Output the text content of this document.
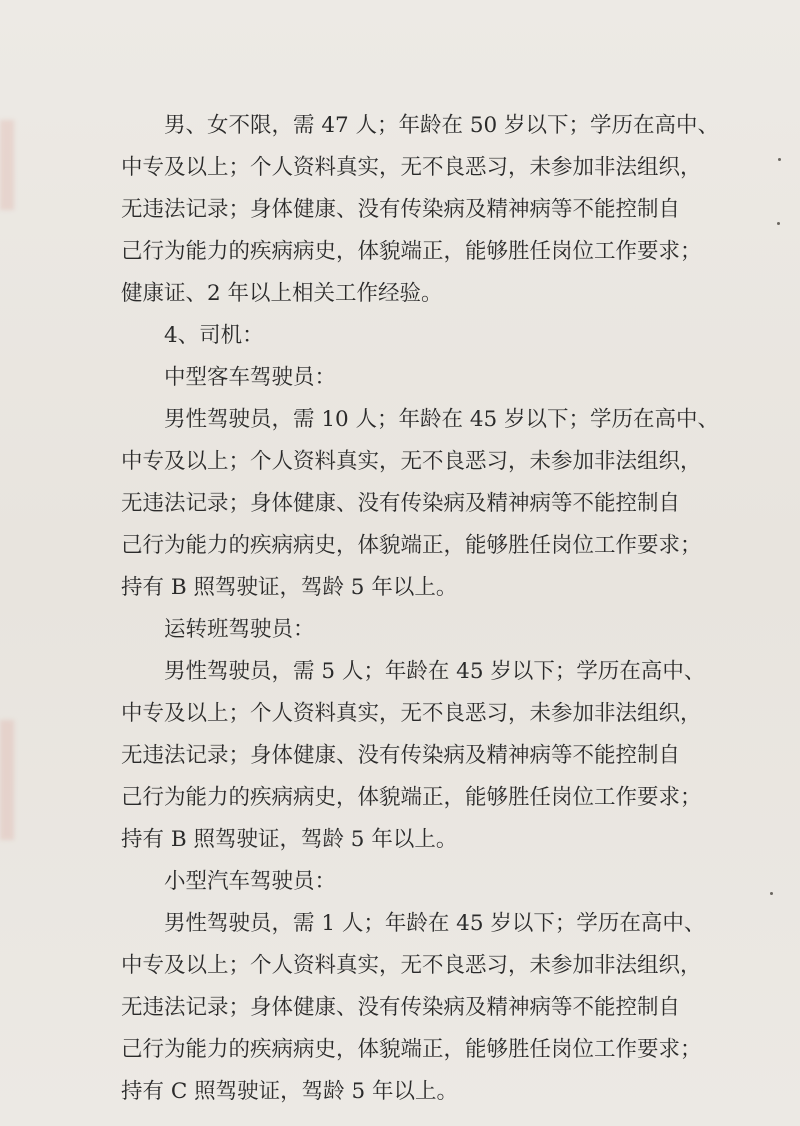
男、女不限，需 47 人；年龄在 50 岁以下；学历在高中、
中专及以上；个人资料真实，无不良恶习，未参加非法组织，
无违法记录；身体健康、没有传染病及精神病等不能控制自
己行为能力的疾病病史，体貌端正，能够胜任岗位工作要求；
健康证、2 年以上相关工作经验。
4、司机：
中型客车驾驶员：
男性驾驶员，需 10 人；年龄在 45 岁以下；学历在高中、
中专及以上；个人资料真实，无不良恶习，未参加非法组织，
无违法记录；身体健康、没有传染病及精神病等不能控制自
己行为能力的疾病病史，体貌端正，能够胜任岗位工作要求；
持有 B 照驾驶证，驾龄 5 年以上。
运转班驾驶员：
男性驾驶员，需 5 人；年龄在 45 岁以下；学历在高中、
中专及以上；个人资料真实，无不良恶习，未参加非法组织，
无违法记录；身体健康、没有传染病及精神病等不能控制自
己行为能力的疾病病史，体貌端正，能够胜任岗位工作要求；
持有 B 照驾驶证，驾龄 5 年以上。
小型汽车驾驶员：
男性驾驶员，需 1 人；年龄在 45 岁以下；学历在高中、
中专及以上；个人资料真实，无不良恶习，未参加非法组织，
无违法记录；身体健康、没有传染病及精神病等不能控制自
己行为能力的疾病病史，体貌端正，能够胜任岗位工作要求；
持有 C 照驾驶证，驾龄 5 年以上。
